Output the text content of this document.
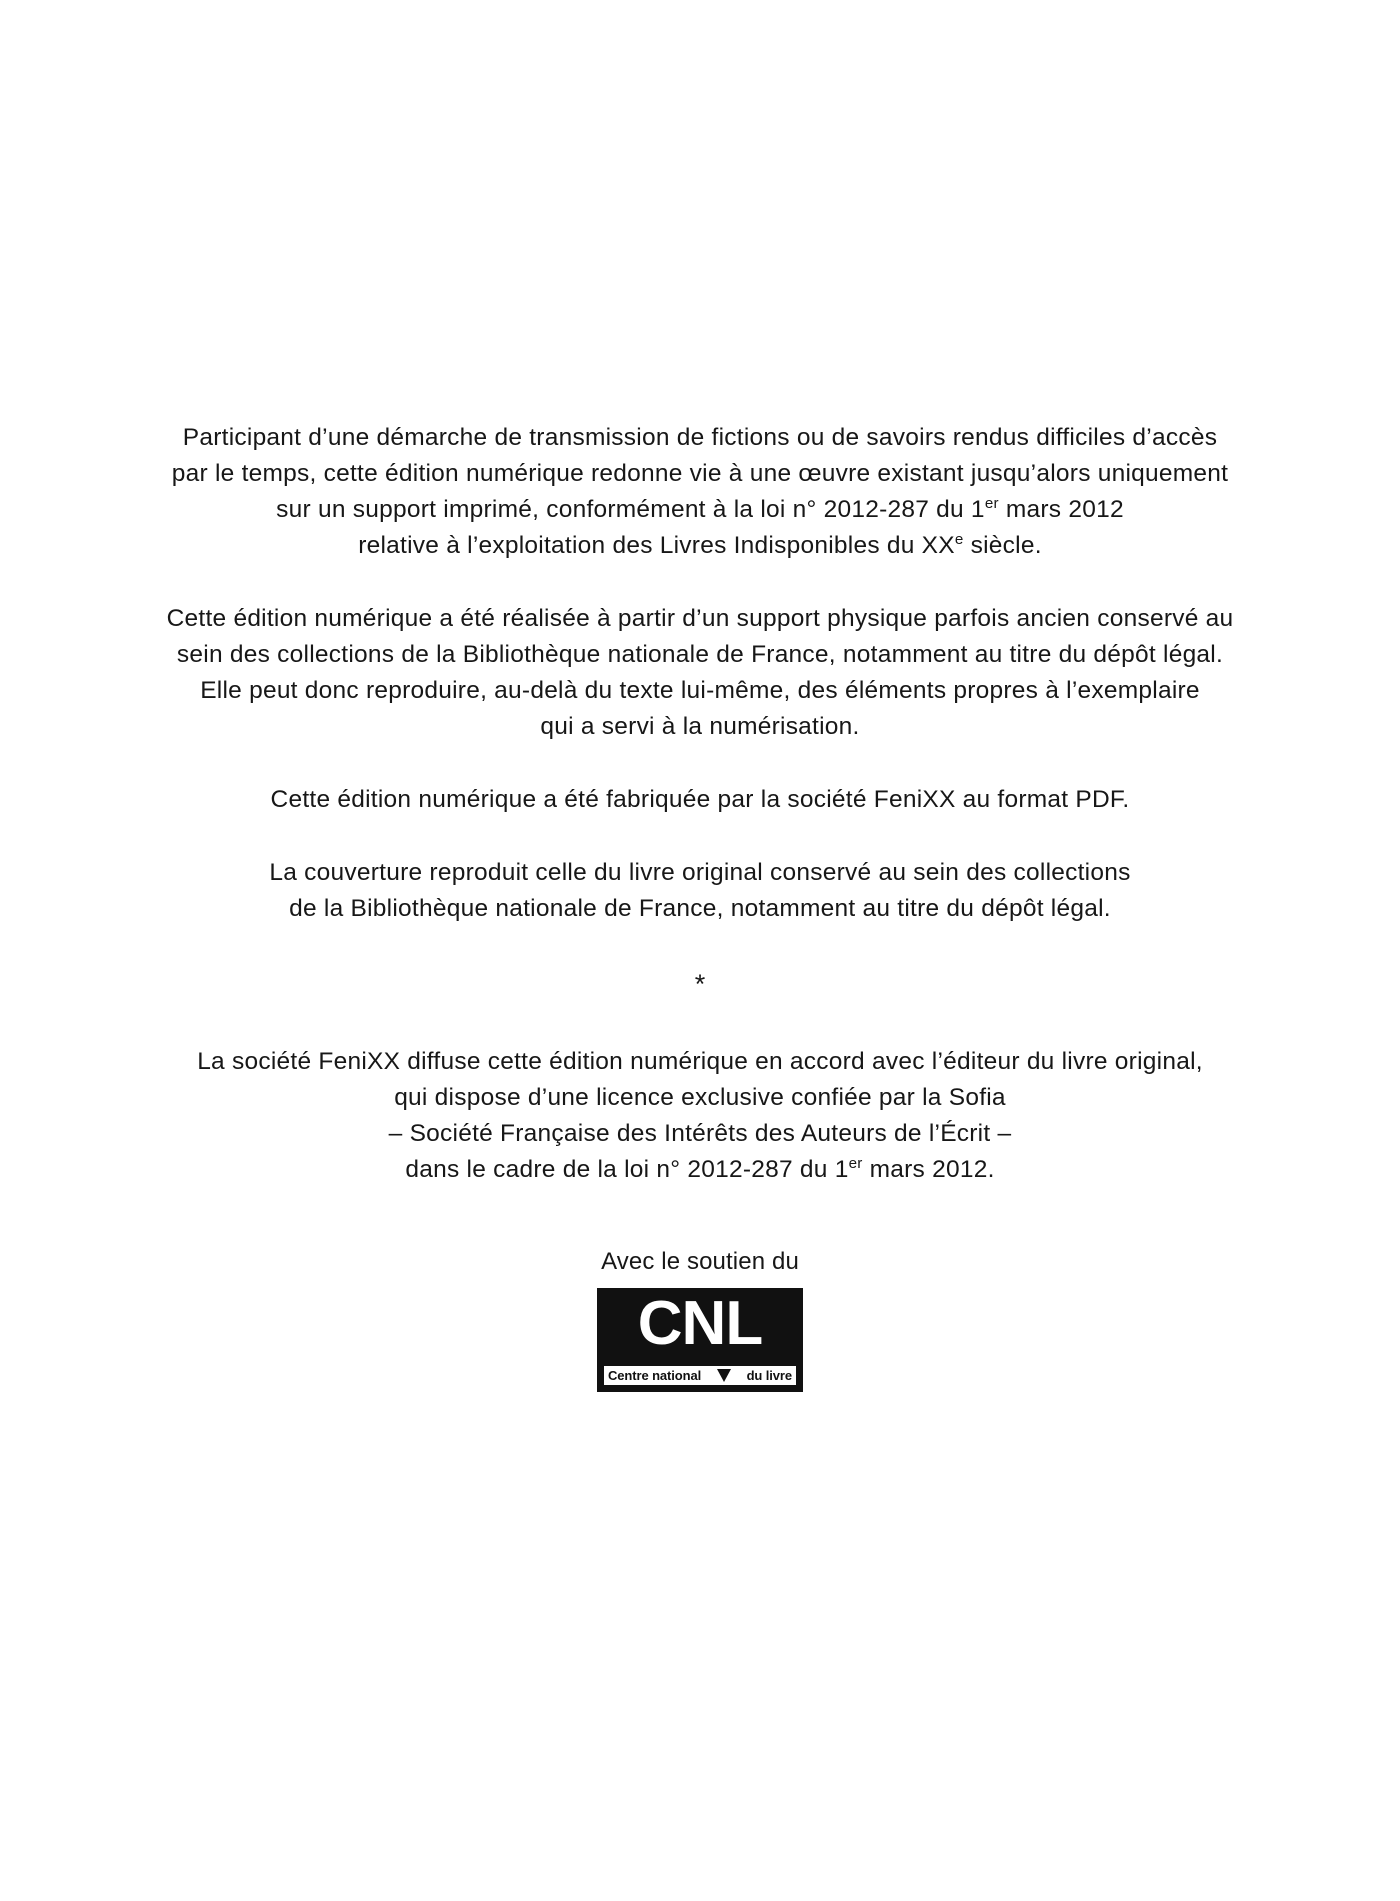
Participant d’une démarche de transmission de fictions ou de savoirs rendus difficiles d’accès
par le temps, cette édition numérique redonne vie à une œuvre existant jusqu’alors uniquement
sur un support imprimé, conformément à la loi n° 2012-287 du 1er mars 2012
relative à l’exploitation des Livres Indisponibles du XXe siècle.

Cette édition numérique a été réalisée à partir d’un support physique parfois ancien conservé au
sein des collections de la Bibliothèque nationale de France, notamment au titre du dépôt légal.
Elle peut donc reproduire, au-delà du texte lui-même, des éléments propres à l’exemplaire
qui a servi à la numérisation.

Cette édition numérique a été fabriquée par la société FeniXX au format PDF.

La couverture reproduit celle du livre original conservé au sein des collections
de la Bibliothèque nationale de France, notamment au titre du dépôt légal.

*

La société FeniXX diffuse cette édition numérique en accord avec l’éditeur du livre original,
qui dispose d’une licence exclusive confiée par la Sofia
– Société Française des Intérêts des Auteurs de l’Écrit –
dans le cadre de la loi n° 2012-287 du 1er mars 2012.

Avec le soutien du
CNL
Centre national	du livre
